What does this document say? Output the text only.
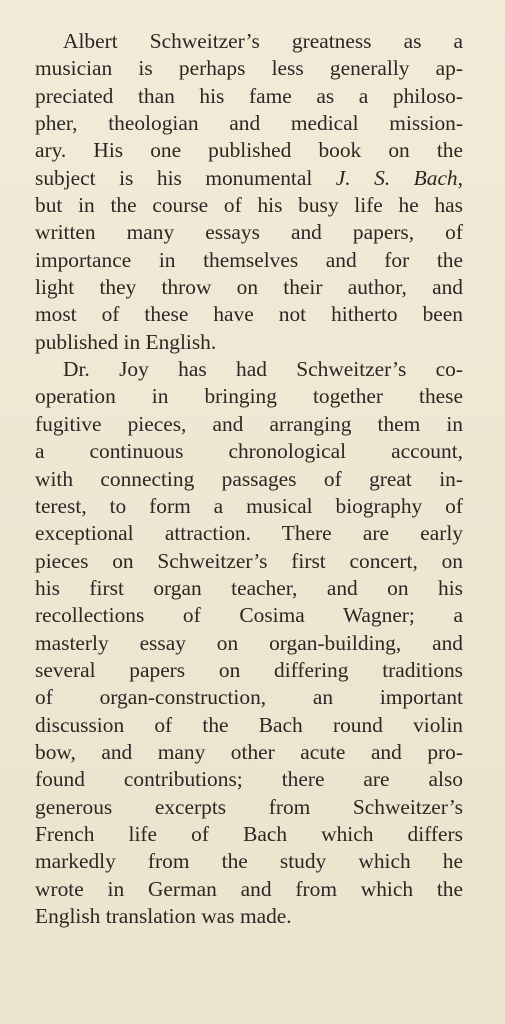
Albert Schweitzer’s greatness as a
musician is perhaps less generally ap-
preciated than his fame as a philoso-
pher, theologian and medical mission-
ary. His one published book on the
subject is his monumental J. S. Bach,
but in the course of his busy life he has
written many essays and papers, of
importance in themselves and for the
light they throw on their author, and
most of these have not hitherto been
published in English.
Dr. Joy has had Schweitzer’s co-
operation in bringing together these
fugitive pieces, and arranging them in
a continuous chronological account,
with connecting passages of great in-
terest, to form a musical biography of
exceptional attraction. There are early
pieces on Schweitzer’s first concert, on
his first organ teacher, and on his
recollections of Cosima Wagner; a
masterly essay on organ-building, and
several papers on differing traditions
of organ-construction, an important
discussion of the Bach round violin
bow, and many other acute and pro-
found contributions; there are also
generous excerpts from Schweitzer’s
French life of Bach which differs
markedly from the study which he
wrote in German and from which the
English translation was made.
